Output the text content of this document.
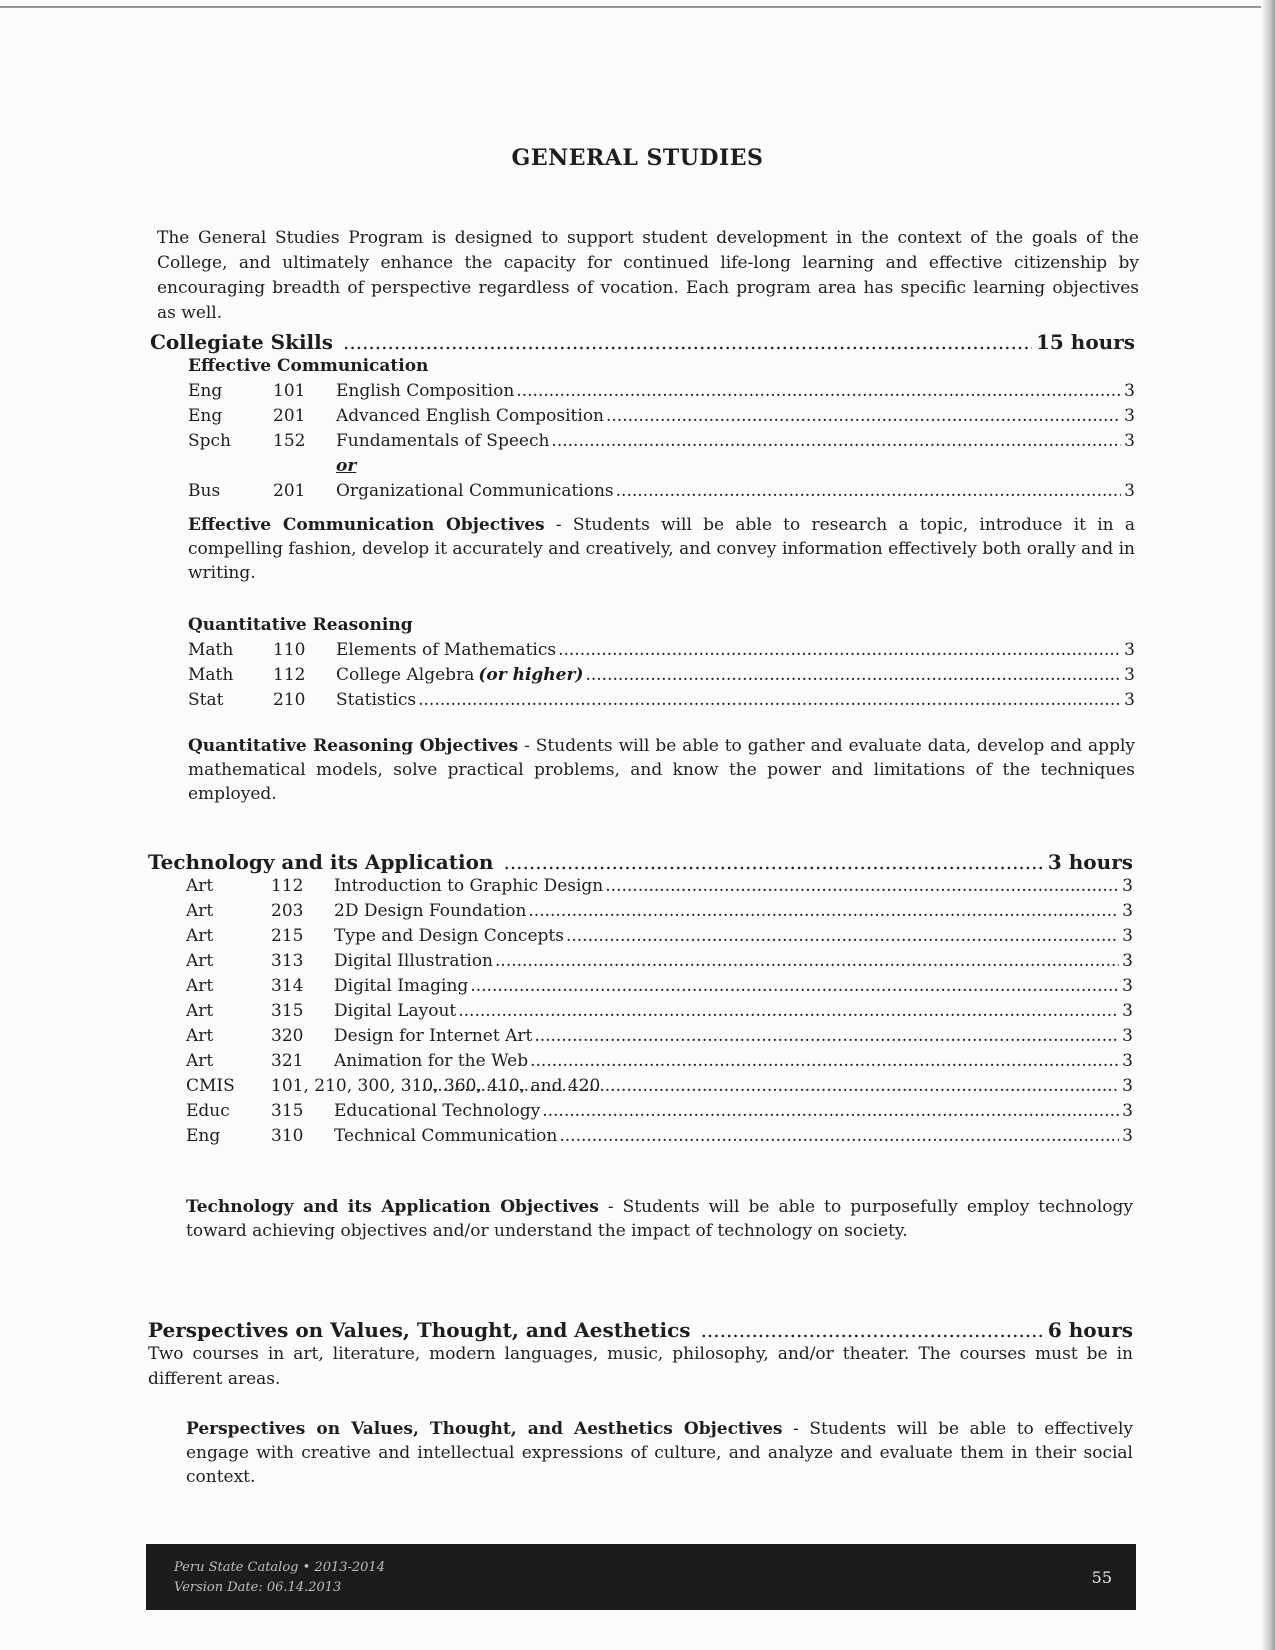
GENERAL STUDIES
The General Studies Program is designed to support student development in the context of the goals of the College, and ultimately enhance the capacity for continued life-long learning and effective citizenship by encouraging breadth of perspective regardless of vocation. Each program area has specific learning objectives as well.
Collegiate Skills .....	15 hours
Effective Communication
Eng	101	English Composition .....	3
Eng	201	Advanced English Composition .....	3
Spch	152	Fundamentals of Speech .....	3
or
Bus	201	Organizational Communications .....	3
Effective Communication Objectives - Students will be able to research a topic, introduce it in a compelling fashion, develop it accurately and creatively, and convey information effectively both orally and in writing.
Quantitative Reasoning
Math	110	Elements of Mathematics .....	3
Math	112	College Algebra (or higher) .....	3
Stat	210	Statistics .....	3
Quantitative Reasoning Objectives - Students will be able to gather and evaluate data, develop and apply mathematical models, solve practical problems, and know the power and limitations of the techniques employed.
Technology and its Application .....	3 hours
Art	112	Introduction to Graphic Design .....	3
Art	203	2D Design Foundation .....	3
Art	215	Type and Design Concepts .....	3
Art	313	Digital Illustration .....	3
Art	314	Digital Imaging .....	3
Art	315	Digital Layout .....	3
Art	320	Design for Internet Art .....	3
Art	321	Animation for the Web .....	3
CMIS	101, 210, 300, 310, 360, 410, and 420 .....	3
Educ	315	Educational Technology .....	3
Eng	310	Technical Communication .....	3
Technology and its Application Objectives - Students will be able to purposefully employ technology toward achieving objectives and/or understand the impact of technology on society.
Perspectives on Values, Thought, and Aesthetics .....	6 hours
Two courses in art, literature, modern languages, music, philosophy, and/or theater. The courses must be in different areas.
Perspectives on Values, Thought, and Aesthetics Objectives - Students will be able to effectively engage with creative and intellectual expressions of culture, and analyze and evaluate them in their social context.
Peru State Catalog • 2013-2014
Version Date: 06.14.2013
55
